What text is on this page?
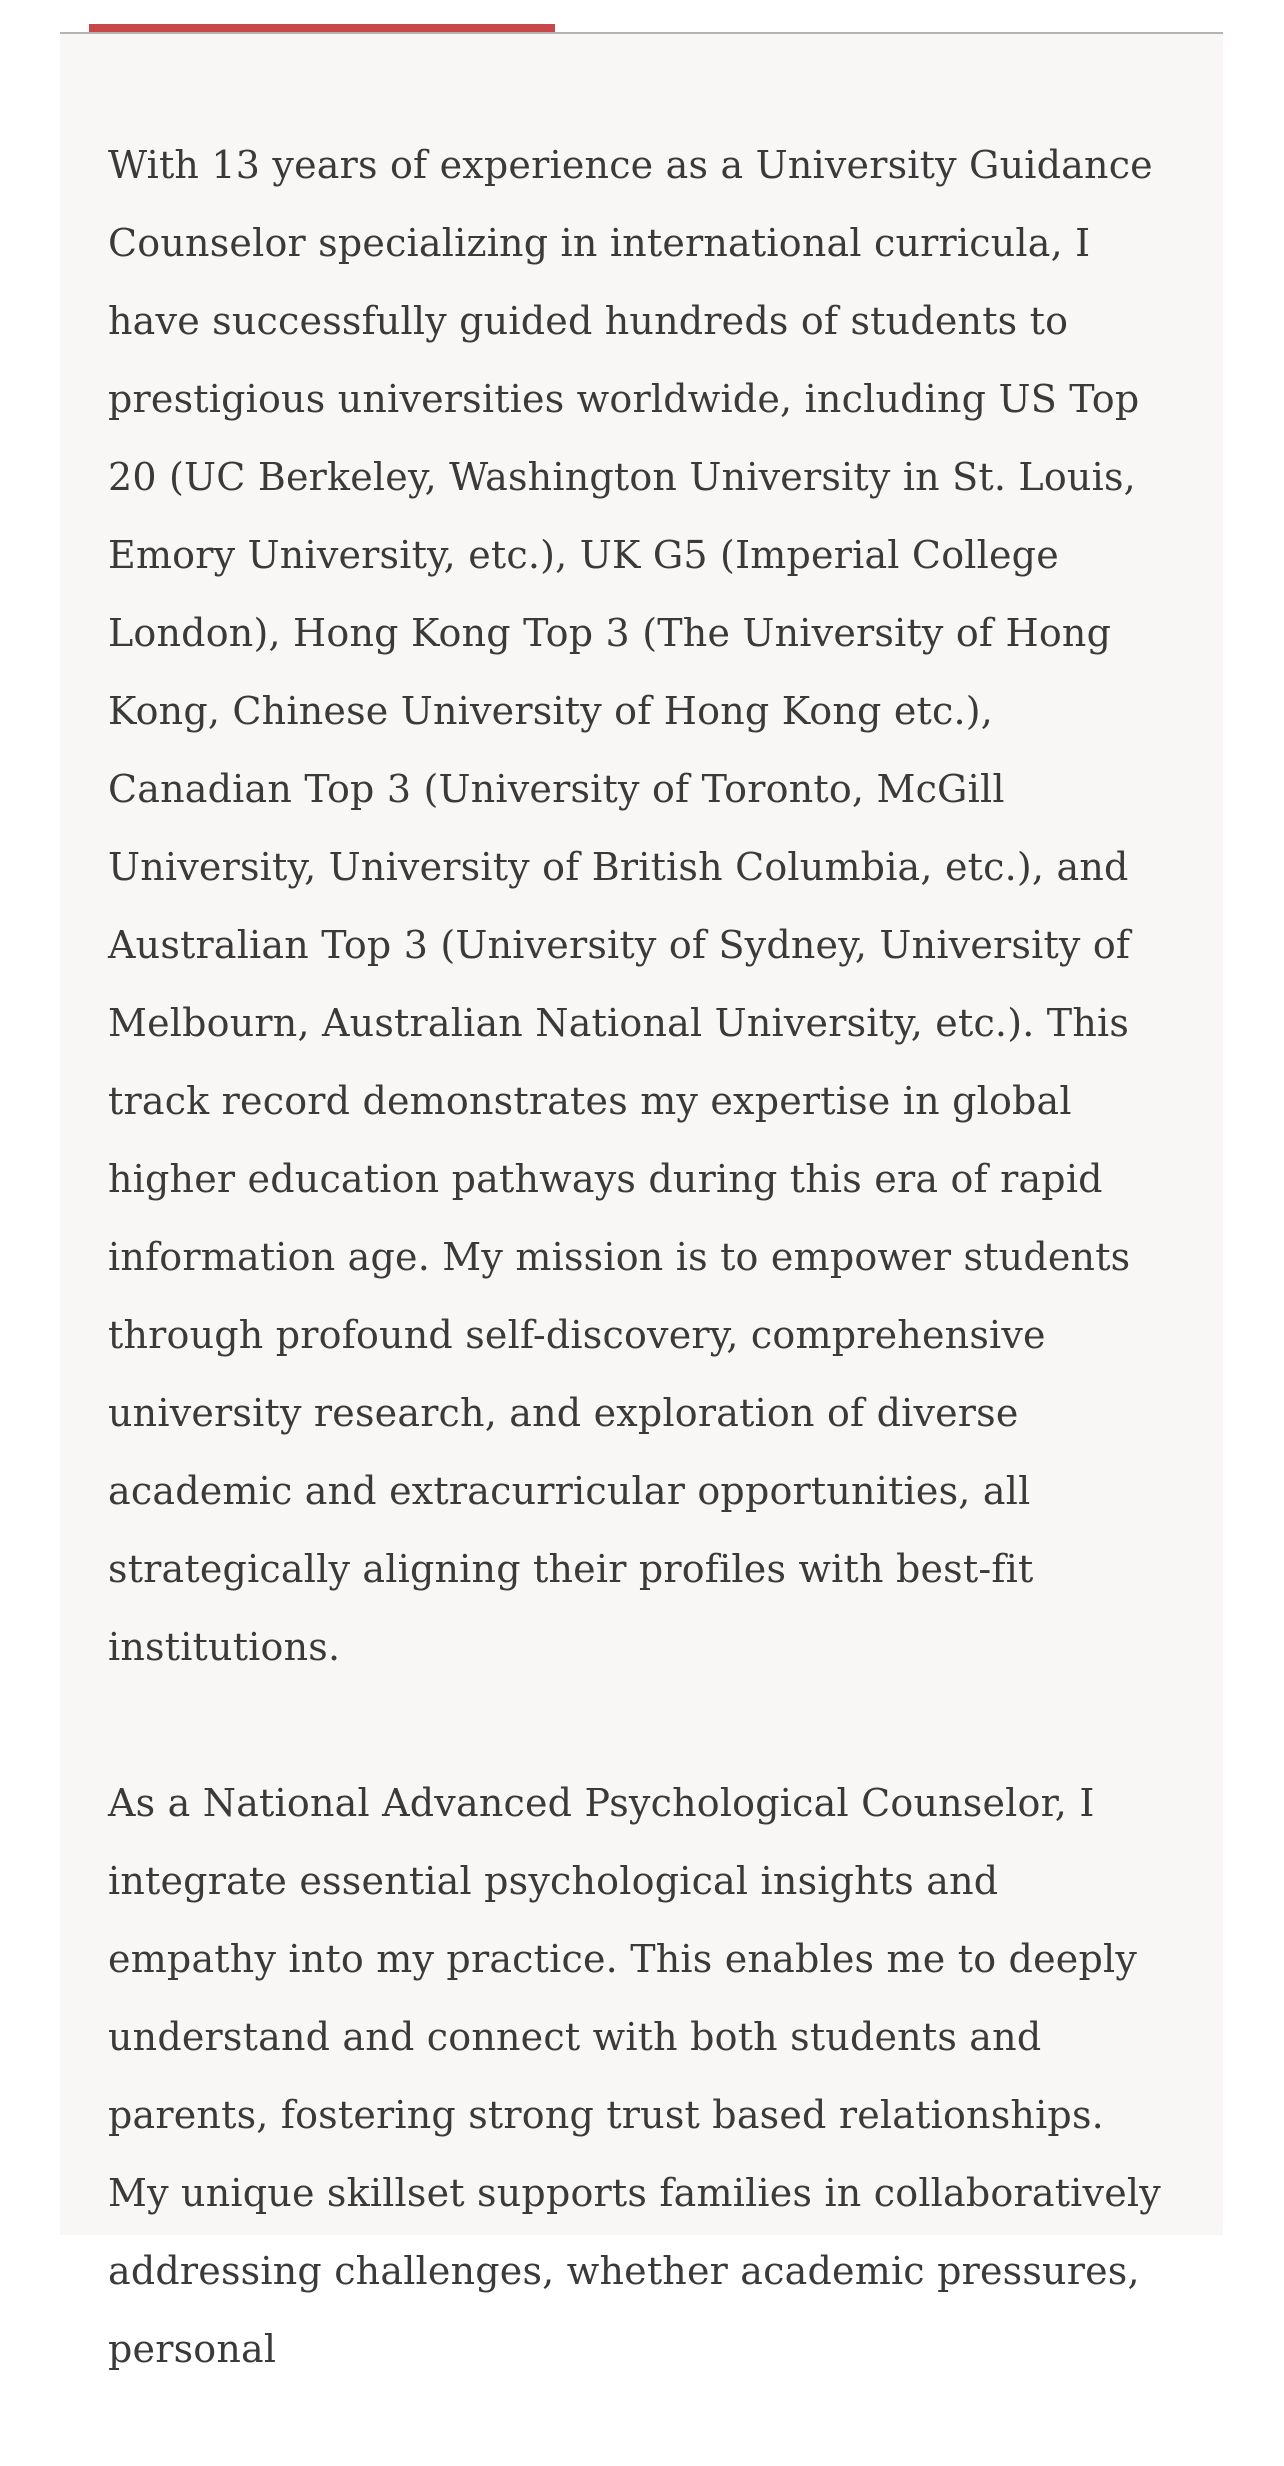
With 13 years of experience as a University Guidance Counselor specializing in international curricula, I have successfully guided hundreds of students to prestigious universities worldwide, including US Top 20 (UC Berkeley, Washington University in St. Louis, Emory University, etc.), UK G5 (Imperial College London), Hong Kong Top 3 (The University of Hong Kong, Chinese University of Hong Kong etc.), Canadian Top 3 (University of Toronto, McGill University, University of British Columbia, etc.), and Australian Top 3 (University of Sydney, University of Melbourn, Australian National University, etc.). This track record demonstrates my expertise in global higher education pathways during this era of rapid information age. My mission is to empower students through profound self-discovery, comprehensive university research, and exploration of diverse academic and extracurricular opportunities, all strategically aligning their profiles with best-fit institutions.

As a National Advanced Psychological Counselor, I integrate essential psychological insights and empathy into my practice. This enables me to deeply understand and connect with both students and parents, fostering strong trust based relationships. My unique skillset supports families in collaboratively addressing challenges, whether academic pressures, personal
